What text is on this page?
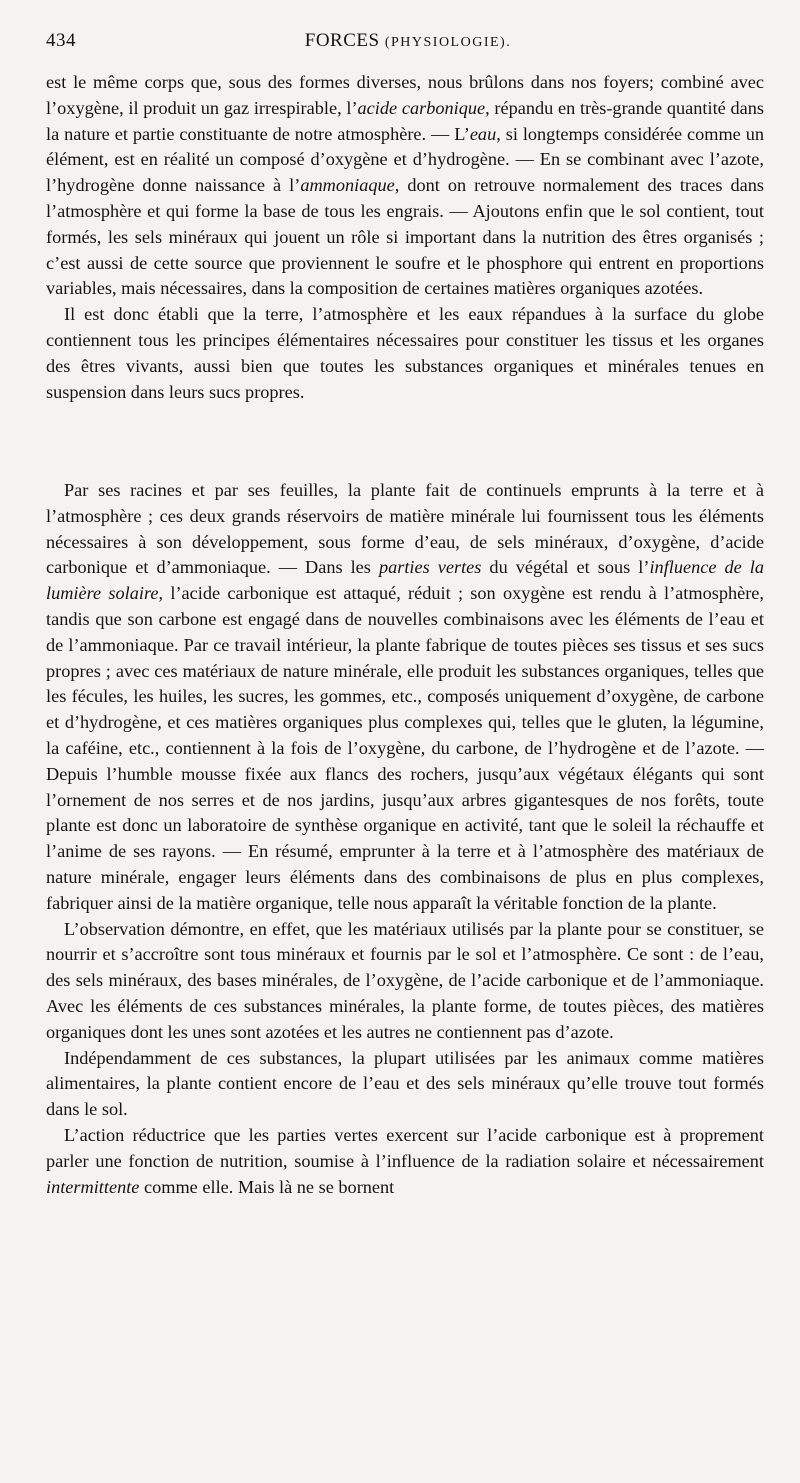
434	FORCES (PHYSIOLOGIE).

est le même corps que, sous des formes diverses, nous brûlons dans nos foyers; combiné avec l’oxygène, il produit un gaz irrespirable, l’acide carbonique, répandu en très-grande quantité dans la nature et partie constituante de notre atmosphère. — L’eau, si longtemps considérée comme un élément, est en réalité un composé d’oxygène et d’hydrogène. — En se combinant avec l’azote, l’hydrogène donne naissance à l’ammoniaque, dont on retrouve normalement des traces dans l’atmosphère et qui forme la base de tous les engrais. — Ajoutons enfin que le sol contient, tout formés, les sels minéraux qui jouent un rôle si important dans la nutrition des êtres organisés ; c’est aussi de cette source que proviennent le soufre et le phosphore qui entrent en proportions variables, mais nécessaires, dans la composition de certaines matières organiques azotées.

Il est donc établi que la terre, l’atmosphère et les eaux répandues à la surface du globe contiennent tous les principes élémentaires nécessaires pour constituer les tissus et les organes des êtres vivants, aussi bien que toutes les substances organiques et minérales tenues en suspension dans leurs sucs propres.

Par ses racines et par ses feuilles, la plante fait de continuels emprunts à la terre et à l’atmosphère ; ces deux grands réservoirs de matière minérale lui fournissent tous les éléments nécessaires à son développement, sous forme d’eau, de sels minéraux, d’oxygène, d’acide carbonique et d’ammoniaque. — Dans les parties vertes du végétal et sous l’influence de la lumière solaire, l’acide carbonique est attaqué, réduit ; son oxygène est rendu à l’atmosphère, tandis que son carbone est engagé dans de nouvelles combinaisons avec les éléments de l’eau et de l’ammoniaque. Par ce travail intérieur, la plante fabrique de toutes pièces ses tissus et ses sucs propres ; avec ces matériaux de nature minérale, elle produit les substances organiques, telles que les fécules, les huiles, les sucres, les gommes, etc., composés uniquement d’oxygène, de carbone et d’hydrogène, et ces matières organiques plus complexes qui, telles que le gluten, la légumine, la caféine, etc., contiennent à la fois de l’oxygène, du carbone, de l’hydrogène et de l’azote. — Depuis l’humble mousse fixée aux flancs des rochers, jusqu’aux végétaux élégants qui sont l’ornement de nos serres et de nos jardins, jusqu’aux arbres gigantesques de nos forêts, toute plante est donc un laboratoire de synthèse organique en activité, tant que le soleil la réchauffe et l’anime de ses rayons. — En résumé, emprunter à la terre et à l’atmosphère des matériaux de nature minérale, engager leurs éléments dans des combinaisons de plus en plus complexes, fabriquer ainsi de la matière organique, telle nous apparaît la véritable fonction de la plante.

L’observation démontre, en effet, que les matériaux utilisés par la plante pour se constituer, se nourrir et s’accroître sont tous minéraux et fournis par le sol et l’atmosphère. Ce sont : de l’eau, des sels minéraux, des bases minérales, de l’oxygène, de l’acide carbonique et de l’ammoniaque. Avec les éléments de ces substances minérales, la plante forme, de toutes pièces, des matières organiques dont les unes sont azotées et les autres ne contiennent pas d’azote.

Indépendamment de ces substances, la plupart utilisées par les animaux comme matières alimentaires, la plante contient encore de l’eau et des sels minéraux qu’elle trouve tout formés dans le sol.

L’action réductrice que les parties vertes exercent sur l’acide carbonique est à proprement parler une fonction de nutrition, soumise à l’influence de la radiation solaire et nécessairement intermittente comme elle. Mais là ne se bornent
